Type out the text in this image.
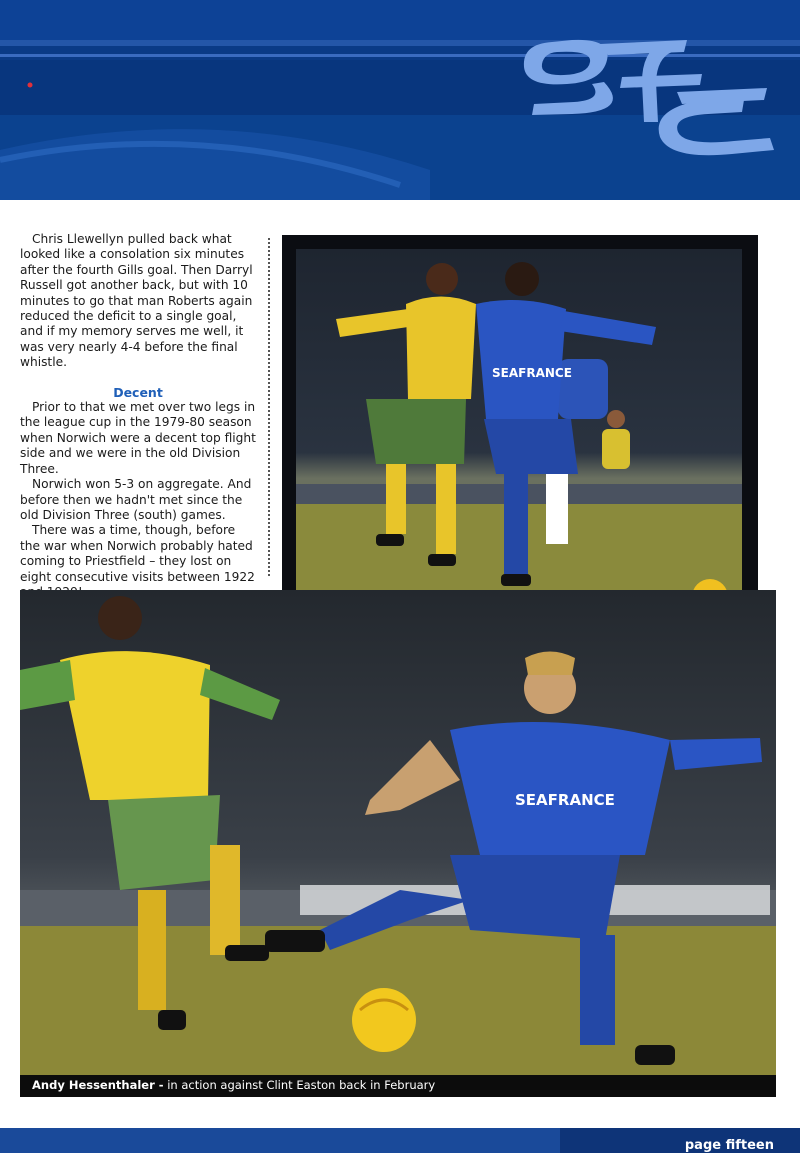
Chris Llewellyn pulled back what looked like a consolation six minutes after the fourth Gills goal. Then Darryl Russell got another back, but with 10 minutes to go that man Roberts again reduced the deficit to a single goal, and if my memory serves me well, it was very nearly 4-4 before the final whistle.

Decent

Prior to that we met over two legs in the league cup in the 1979-80 season when Norwich were a decent top flight side and we were in the old Division Three.

Norwich won 5-3 on aggregate. And before then we hadn't met since the old Division Three (south) games.

There was a time, though, before the war when Norwich probably hated coming to Priestfield – they lost on eight consecutive visits between 1922

SEAFRANCE
SEAFRANCE
Andy Hessenthaler - in action against Clint Easton back in February
page fifteen
